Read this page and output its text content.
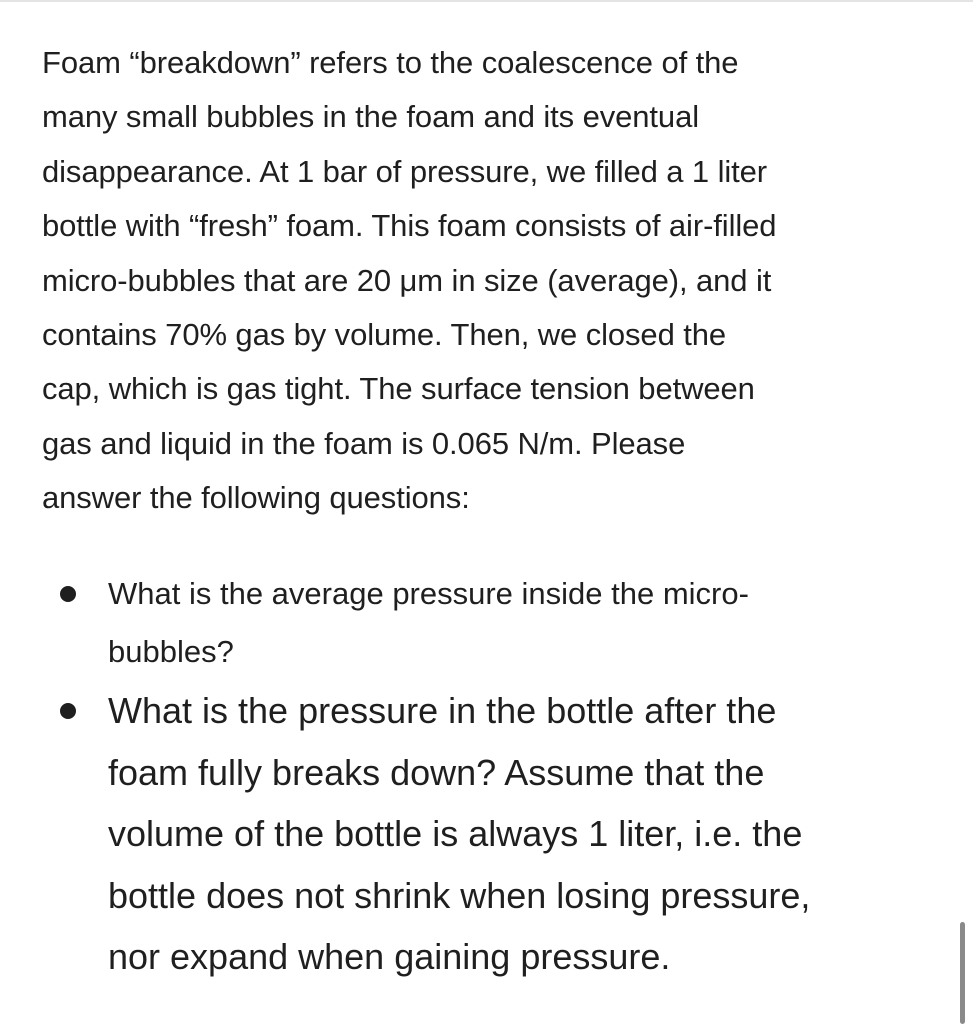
Foam “breakdown” refers to the coalescence of the
many small bubbles in the foam and its eventual
disappearance. At 1 bar of pressure, we filled a 1 liter
bottle with “fresh” foam. This foam consists of air-filled
micro-bubbles that are 20 μm in size (average), and it
contains 70% gas by volume. Then, we closed the
cap, which is gas tight. The surface tension between
gas and liquid in the foam is 0.065 N/m. Please
answer the following questions:

What is the average pressure inside the micro-
bubbles?
What is the pressure in the bottle after the
foam fully breaks down? Assume that the
volume of the bottle is always 1 liter, i.e. the
bottle does not shrink when losing pressure,
nor expand when gaining pressure.
